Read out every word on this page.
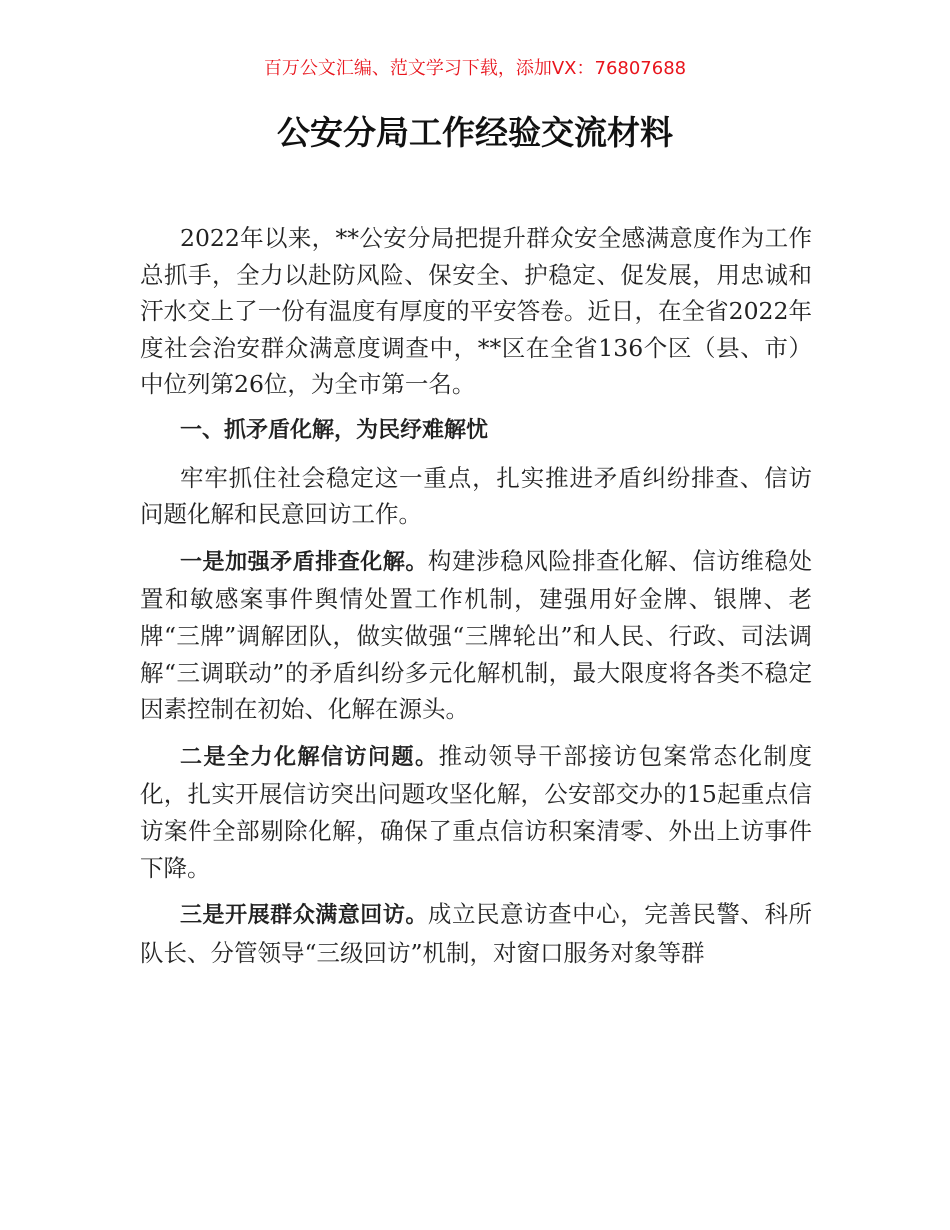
百万公文汇编、范文学习下载，添加VX：76807688

公安分局工作经验交流材料

2022年以来，**公安分局把提升群众安全感满意度作为工作总抓手，全力以赴防风险、保安全、护稳定、促发展，用忠诚和汗水交上了一份有温度有厚度的平安答卷。近日，在全省2022年度社会治安群众满意度调查中，**区在全省136个区（县、市）中位列第26位，为全市第一名。

一、抓矛盾化解，为民纾难解忧

牢牢抓住社会稳定这一重点，扎实推进矛盾纠纷排查、信访问题化解和民意回访工作。

一是加强矛盾排查化解。构建涉稳风险排查化解、信访维稳处置和敏感案事件舆情处置工作机制，建强用好金牌、银牌、老牌“三牌”调解团队，做实做强“三牌轮出”和人民、行政、司法调解“三调联动”的矛盾纠纷多元化解机制，最大限度将各类不稳定因素控制在初始、化解在源头。

二是全力化解信访问题。推动领导干部接访包案常态化制度化，扎实开展信访突出问题攻坚化解，公安部交办的15起重点信访案件全部剔除化解，确保了重点信访积案清零、外出上访事件下降。

三是开展群众满意回访。成立民意访查中心，完善民警、科所队长、分管领导“三级回访”机制，对窗口服务对象等群
